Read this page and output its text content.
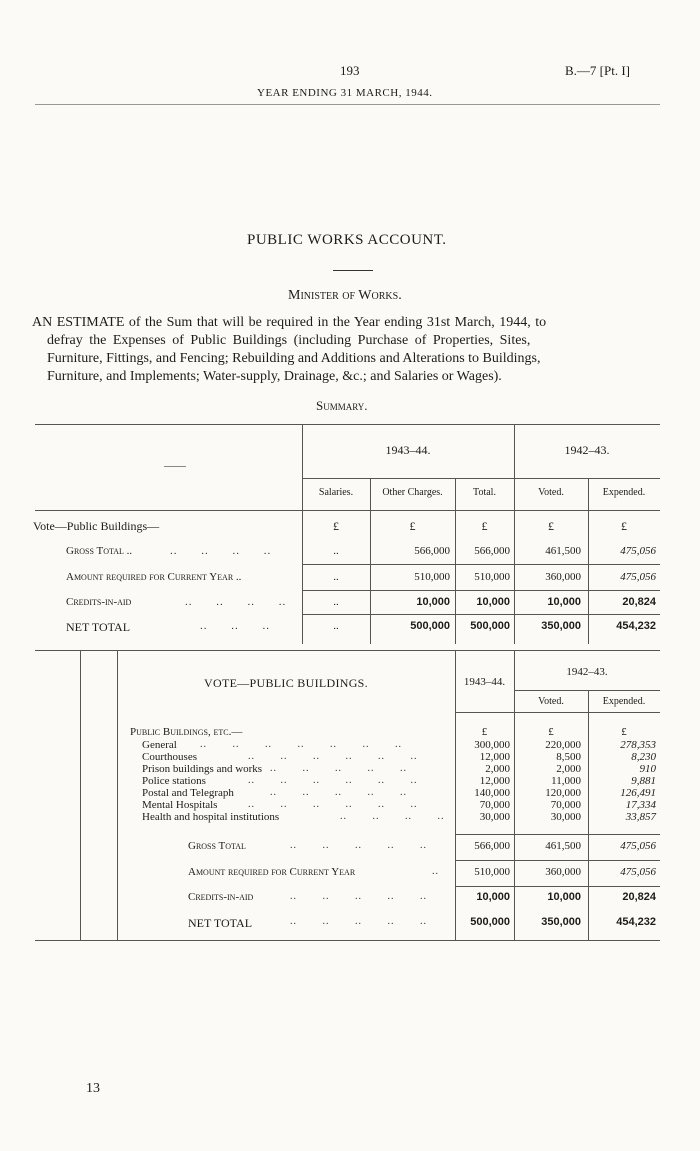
193	B.—7 [Pt. I]
YEAR ENDING 31 MARCH, 1944.
PUBLIC WORKS ACCOUNT.
Minister of Works.
AN ESTIMATE of the Sum that will be required in the Year ending 31st March, 1944, to
defray the Expenses of Public Buildings (including Purchase of Properties, Sites,
Furniture, Fittings, and Fencing; Rebuilding and Additions and Alterations to Buildings,
Furniture, and Implements; Water-supply, Drainage, &c.; and Salaries or Wages).
Summary.
——
1943–44.	1942–43.
Salaries.	Other Charges.	Total.	Voted.	Expended.
Vote—Public Buildings—	£	£	£	£	£
Gross Total ..	.. .. .. ..	..	566,000	566,000	461,500	475,056
Amount required for Current Year ..	..	510,000	510,000	360,000	475,056
Credits-in-aid	.. .. .. ..	..	10,000	10,000	10,000	20,824
NET TOTAL	.. .. ..	..	500,000	500,000	350,000	454,232
VOTE—PUBLIC BUILDINGS.	1943–44.
1942–43.
Voted.	Expended.
Public Buildings, etc.—	£	£	£
General .. .. .. .. .. .. ..	300,000	220,000	278,353
Courthouses	.. .. .. .. .. ..	12,000	8,500	8,230
Prison buildings and works .. .. .. .. ..	2,000	2,000	910
Police stations	.. .. .. .. .. ..	12,000	11,000	9,881
Postal and Telegraph	.. .. .. .. ..	140,000	120,000	126,491
Mental Hospitals	.. .. .. .. .. ..	70,000	70,000	17,334
Health and hospital institutions	.. .. .. ..	30,000	30,000	33,857
Gross Total	.. .. .. .. ..	566,000	461,500	475,056
Amount required for Current Year	..	510,000	360,000	475,056
Credits-in-aid	.. .. .. .. ..	10,000	10,000	20,824
NET TOTAL	.. .. .. .. ..	500,000	350,000	454,232
13
